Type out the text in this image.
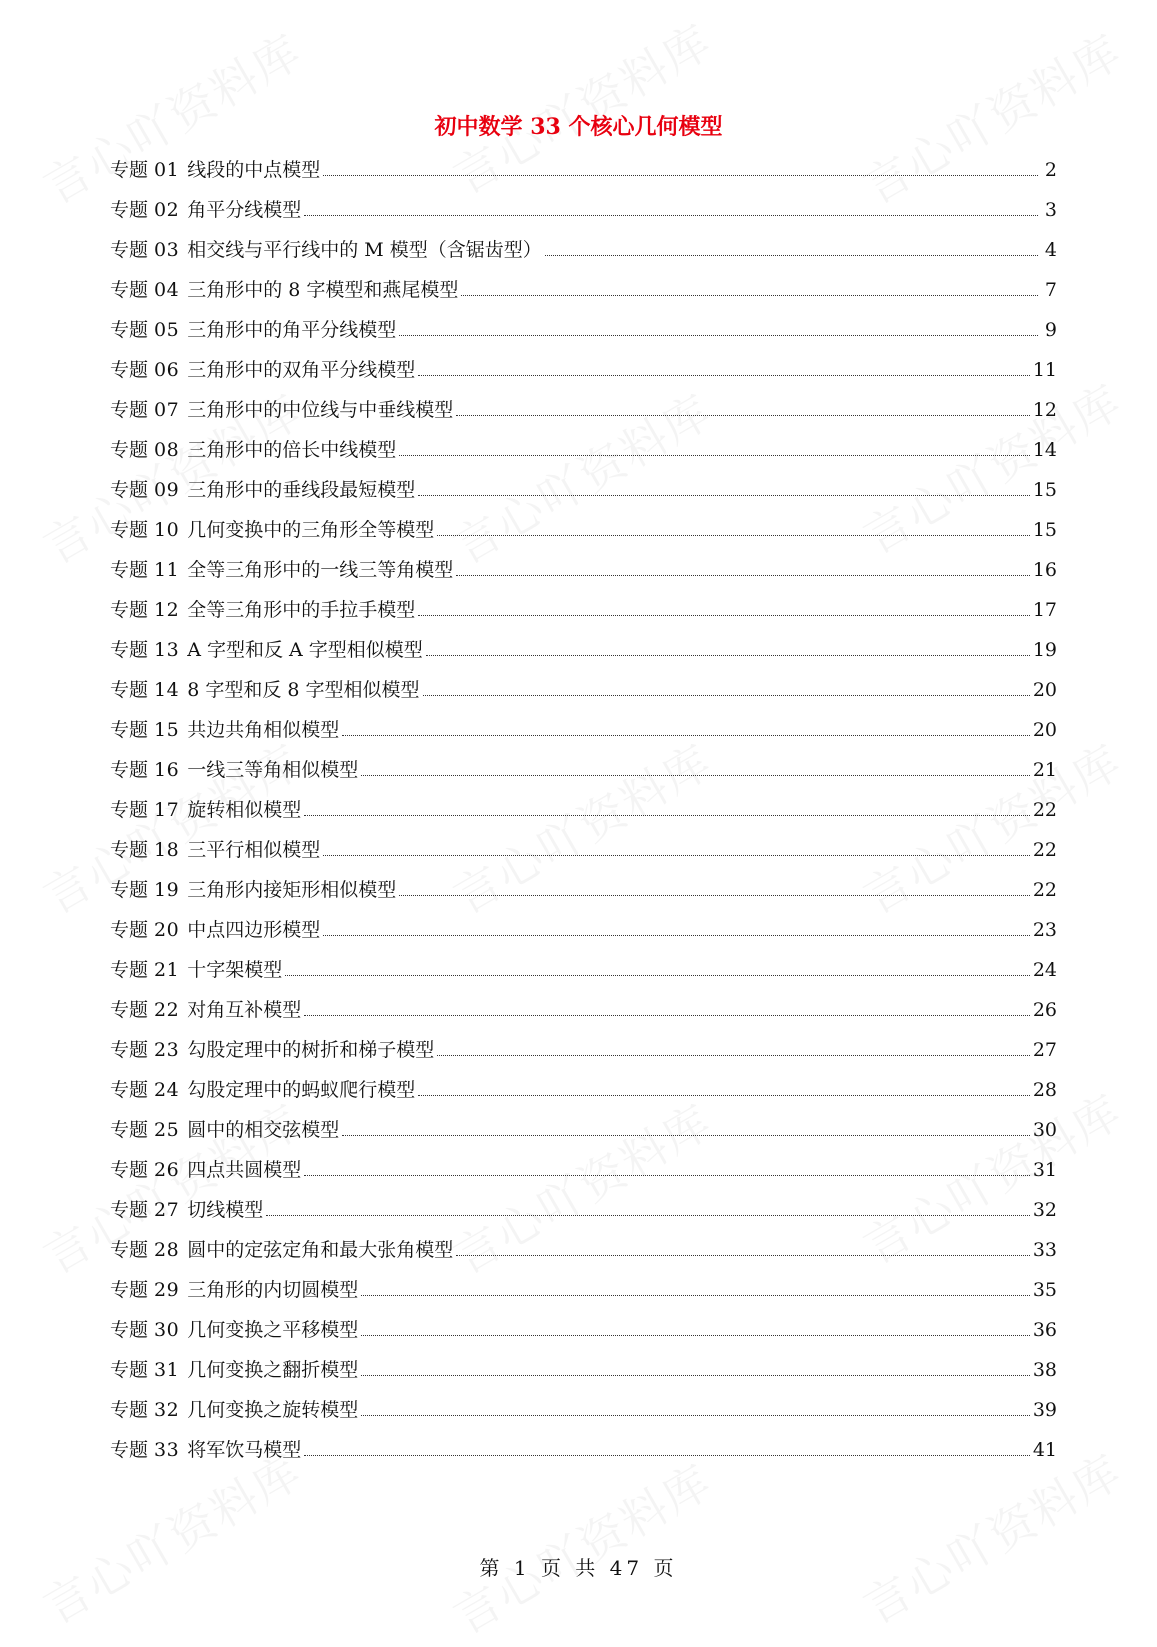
初中数学 33 个核心几何模型
专题 01 线段的中点模型	2
专题 02 角平分线模型	3
专题 03 相交线与平行线中的 M 模型（含锯齿型）	4
专题 04 三角形中的 8 字模型和燕尾模型	7
专题 05 三角形中的角平分线模型	9
专题 06 三角形中的双角平分线模型	11
专题 07 三角形中的中位线与中垂线模型	12
专题 08 三角形中的倍长中线模型	14
专题 09 三角形中的垂线段最短模型	15
专题 10 几何变换中的三角形全等模型	15
专题 11 全等三角形中的一线三等角模型	16
专题 12 全等三角形中的手拉手模型	17
专题 13 A 字型和反 A 字型相似模型	19
专题 14 8 字型和反 8 字型相似模型	20
专题 15 共边共角相似模型	20
专题 16 一线三等角相似模型	21
专题 17 旋转相似模型	22
专题 18 三平行相似模型	22
专题 19 三角形内接矩形相似模型	22
专题 20 中点四边形模型	23
专题 21 十字架模型	24
专题 22 对角互补模型	26
专题 23 勾股定理中的树折和梯子模型	27
专题 24 勾股定理中的蚂蚁爬行模型	28
专题 25 圆中的相交弦模型	30
专题 26 四点共圆模型	31
专题 27 切线模型	32
专题 28 圆中的定弦定角和最大张角模型	33
专题 29 三角形的内切圆模型	35
专题 30 几何变换之平移模型	36
专题 31 几何变换之翻折模型	38
专题 32 几何变换之旋转模型	39
专题 33 将军饮马模型	41
第 1 页 共 47 页
